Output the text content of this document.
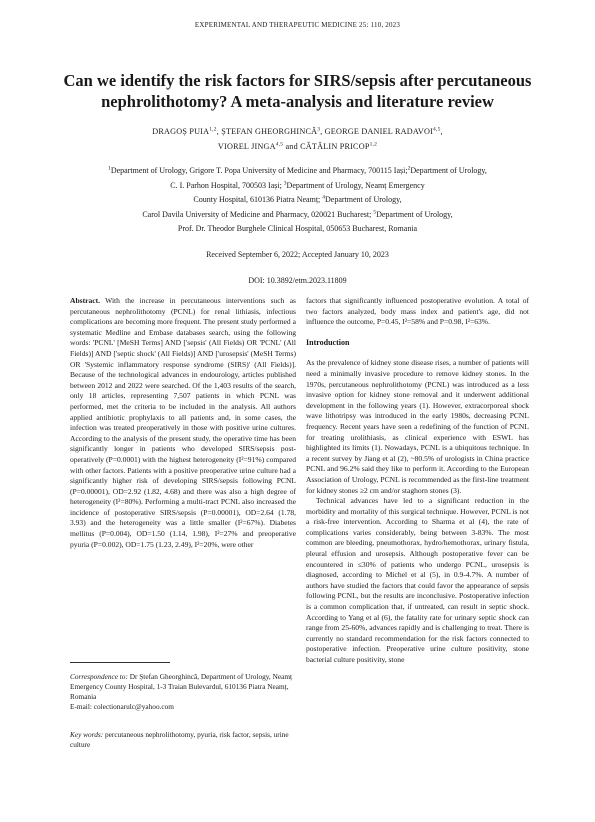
EXPERIMENTAL AND THERAPEUTIC MEDICINE 25: 110, 2023
Can we identify the risk factors for SIRS/sepsis after percutaneous
nephrolithotomy? A meta-analysis and literature review
DRAGOȘ PUIA$^{1,2}$, ȘTEFAN GHEORGHINCĂ$^3$, GEORGE DANIEL RADAVOI$^{4,5}$,
VIOREL JINGA$^{4,5}$ and CĂTĂLIN PRICOP$^{1,2}$
$^1$Department of Urology, Grigore T. Popa University of Medicine and Pharmacy, 700115 Iași;$^2$Department of Urology,
C. I. Parhon Hospital, 700503 Iași; $^3$Department of Urology, Neamț Emergency
County Hospital, 610136 Piatra Neamț; $^4$Department of Urology,
Carol Davila University of Medicine and Pharmacy, 020021 Bucharest; $^5$Department of Urology,
Prof. Dr. Theodor Burghele Clinical Hospital, 050653 Bucharest, Romania
Received September 6, 2022; Accepted January 10, 2023
DOI: 10.3892/etm.2023.11809

Abstract. With the increase in percutaneous interventions such as percutaneous nephrolithotomy (PCNL) for renal lithiasis, infectious complications are becoming more frequent. The present study performed a systematic Medline and Embase databases search, using the following words: 'PCNL' [MeSH Terms] AND ['sepsis' (All Fields) OR 'PCNL' (All Fields)] AND ['septic shock' (All Fields)] AND ['urosepsis' (MeSH Terms) OR 'Systemic inflammatory response syndrome (SIRS)' (All Fields)]. Because of the technological advances in endourology, articles published between 2012 and 2022 were searched. Of the 1,403 results of the search, only 18 articles, representing 7,507 patients in which PCNL was performed, met the criteria to be included in the analysis. All authors applied antibiotic prophylaxis to all patients and, in some cases, the infection was treated preoperatively in those with positive urine cultures. According to the analysis of the present study, the operative time has been significantly longer in patients who developed SIRS/sepsis post-operatively (P=0.0001) with the highest heterogeneity (I²=91%) compared with other factors. Patients with a positive preoperative urine culture had a significantly higher risk of developing SIRS/sepsis following PCNL (P=0.00001), OD=2.92 (1.82, 4.68) and there was also a high degree of heterogeneity (I²=80%). Performing a multi-tract PCNL also increased the incidence of postoperative SIRS/sepsis (P=0.00001), OD=2.64 (1.78, 3.93) and the heterogeneity was a little smaller (I²=67%). Diabetes mellitus (P=0.004), OD=1.50 (1.14, 1.98), I²=27% and preoperative pyuria (P=0.002), OD=1.75 (1.23, 2.49), I²=20%, were other

factors that significantly influenced postoperative evolution. A total of two factors analyzed, body mass index and patient's age, did not influence the outcome, P=0.45, I²=58% and P=0.98, I²=63%.

Introduction

As the prevalence of kidney stone disease rises, a number of patients will need a minimally invasive procedure to remove kidney stones. In the 1970s, percutaneous nephrolithotomy (PCNL) was introduced as a less invasive option for kidney stone removal and it underwent additional development in the following years (1). However, extracorporeal shock wave lithotripsy was introduced in the early 1980s, decreasing PCNL frequency. Recent years have seen a redefining of the function of PCNL for treating urolithiasis, as clinical experience with ESWL has highlighted its limits (1). Nowadays, PCNL is a ubiquitous technique. In a recent survey by Jiang et al (2), ~80.5% of urologists in China practice PCNL and 96.2% said they like to perform it. According to the European Association of Urology, PCNL is recommended as the first-line treatment for kidney stones ≥2 cm and/or staghorn stones (3).

Technical advances have led to a significant reduction in the morbidity and mortality of this surgical technique. However, PCNL is not a risk-free intervention. According to Sharma et al (4), the rate of complications varies considerably, being between 3-83%. The most common are bleeding, pneumothorax, hydro/hemothorax, urinary fistula, pleural effusion and urosepsis. Although postoperative fever can be encountered in ≤30% of patients who undergo PCNL, urosepsis is diagnosed, according to Michel et al (5), in 0.9-4.7%. A number of authors have studied the factors that could favor the appearance of sepsis following PCNL, but the results are inconclusive. Postoperative infection is a common complication that, if untreated, can result in septic shock. According to Yang et al (6), the fatality rate for urinary septic shock can range from 25-60%, advances rapidly and is challenging to treat. There is currently no standard recommendation for the risk factors connected to postoperative infection. Preoperative urine culture positivity, stone bacterial culture positivity, stone

Correspondence to: Dr Ștefan Gheorghincă, Department of Urology, Neamț Emergency County Hospital, 1-3 Traian Bulevardul, 610136 Piatra Neamț, Romania
E-mail: colectionarulc@yahoo.com
Key words: percutaneous nephrolithotomy, pyuria, risk factor, sepsis, urine culture
